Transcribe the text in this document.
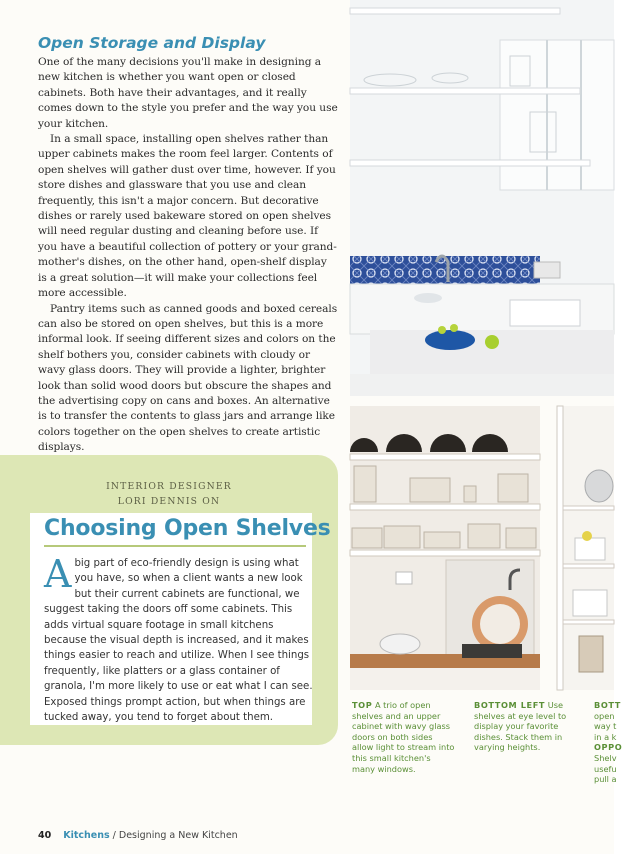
Open Storage and Display

One of the many decisions you'll make in designing a new kitchen is whether you want open or closed cabinets. Both have their advantages, and it really comes down to the style you prefer and the way you use your kitchen.

In a small space, installing open shelves rather than upper cabinets makes the room feel larger. Contents of open shelves will gather dust over time, however. If you store dishes and glassware that you use and clean frequently, this isn't a major concern. But decorative dishes or rarely used bakeware stored on open shelves will need regular dusting and cleaning before use. If you have a beautiful collection of pottery or your grand-mother's dishes, on the other hand, open-shelf display is a great solution—it will make your collections feel more accessible.

Pantry items such as canned goods and boxed cereals can also be stored on open shelves, but this is a more informal look. If seeing different sizes and colors on the shelf bothers you, consider cabinets with cloudy or wavy glass doors. They will provide a lighter, brighter look than solid wood doors but obscure the shapes and the advertising copy on cans and boxes. An alternative is to transfer the contents to glass jars and arrange like colors together on the open shelves to create artistic displays.

INTERIOR DESIGNER
LORI DENNIS ON
Choosing Open Shelves
Abig part of eco-friendly design is using what you have, so when a client wants a new look but their current cabinets are functional, we suggest taking the doors off some cabinets. This adds virtual square footage in small kitchens because the visual depth is increased, and it makes things easier to reach and utilize. When I see things frequently, like platters or a glass container of granola, I'm more likely to use or eat what I can see. Exposed things prompt action, but when things are tucked away, you tend to forget about them.
TOP A trio of open shelves and an upper cabinet with wavy glass doors on both sides allow light to stream into this small kitchen's many windows.
BOTTOM LEFT Use shelves at eye level to display your favorite dishes. Stack them in varying heights.
BOTT
open
way t
in a k
OPPO
Shelv
usefu
pull a
40 Kitchens / Designing a New Kitchen
